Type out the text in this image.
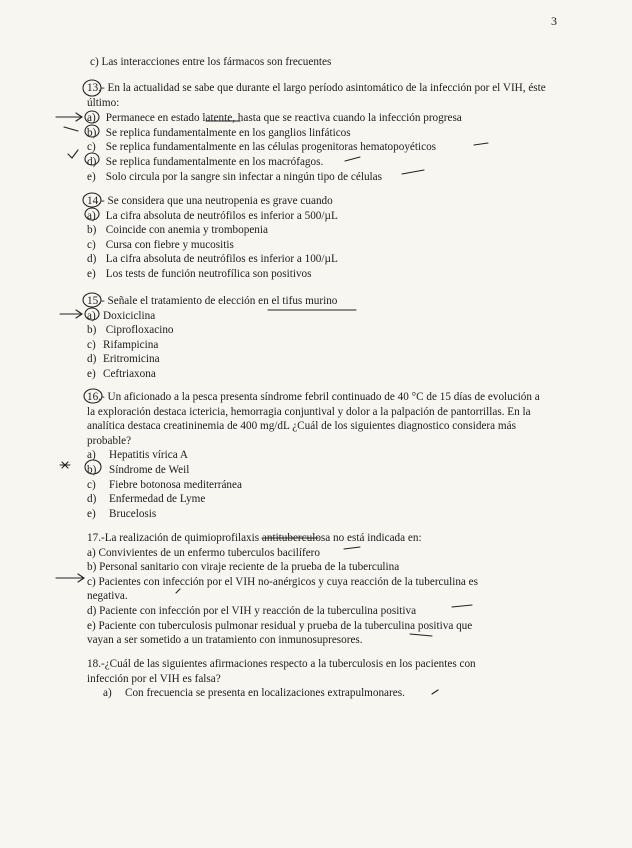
3
c) Las interacciones entre los fármacos son frecuentes
13.- En la actualidad se sabe que durante el largo período asintomático de la infección por el VIH, éste
último:
a) Permanece en estado latente, hasta que se reactiva cuando la infección progresa
b) Se replica fundamentalmente en los ganglios linfáticos
c) Se replica fundamentalmente en las células progenitoras hematopoyéticos
d) Se replica fundamentalmente en los macrófagos.
e) Solo circula por la sangre sin infectar a ningún tipo de células
14.- Se considera que una neutropenia es grave cuando
a) La cifra absoluta de neutrófilos es inferior a 500/µL
b) Coincide con anemia y trombopenia
c) Cursa con fiebre y mucositis
d) La cifra absoluta de neutrófilos es inferior a 100/µL
e) Los tests de función neutrofílica son positivos
15.- Señale el tratamiento de elección en el tifus murino
a) Doxiciclina
b) Ciprofloxacino
c) Rifampicina
d) Eritromicina
e) Ceftriaxona
16.- Un aficionado a la pesca presenta síndrome febril continuado de 40 °C de 15 días de evolución a
la exploración destaca ictericia, hemorragia conjuntival y dolor a la palpación de pantorrillas. En la
analítica destaca creatininemia de 400 mg/dL ¿Cuál de los siguientes diagnostico considera más
probable?
a) Hepatitis vírica A
b) Síndrome de Weil
c) Fiebre botonosa mediterránea
d) Enfermedad de Lyme
e) Brucelosis
17.-La realización de quimioprofilaxis antituberculosa no está indicada en:
a) Convivientes de un enfermo tuberculos bacilífero
b) Personal sanitario con viraje reciente de la prueba de la tuberculina
c) Pacientes con infección por el VIH no-anérgicos y cuya reacción de la tuberculina es
negativa.
d) Paciente con infección por el VIH y reacción de la tuberculina positiva
e) Paciente con tuberculosis pulmonar residual y prueba de la tuberculina positiva que
vayan a ser sometido a un tratamiento con inmunosupresores.
18.-¿Cuál de las siguientes afirmaciones respecto a la tuberculosis en los pacientes con
infección por el VIH es falsa?
a) Con frecuencia se presenta en localizaciones extrapulmonares.
